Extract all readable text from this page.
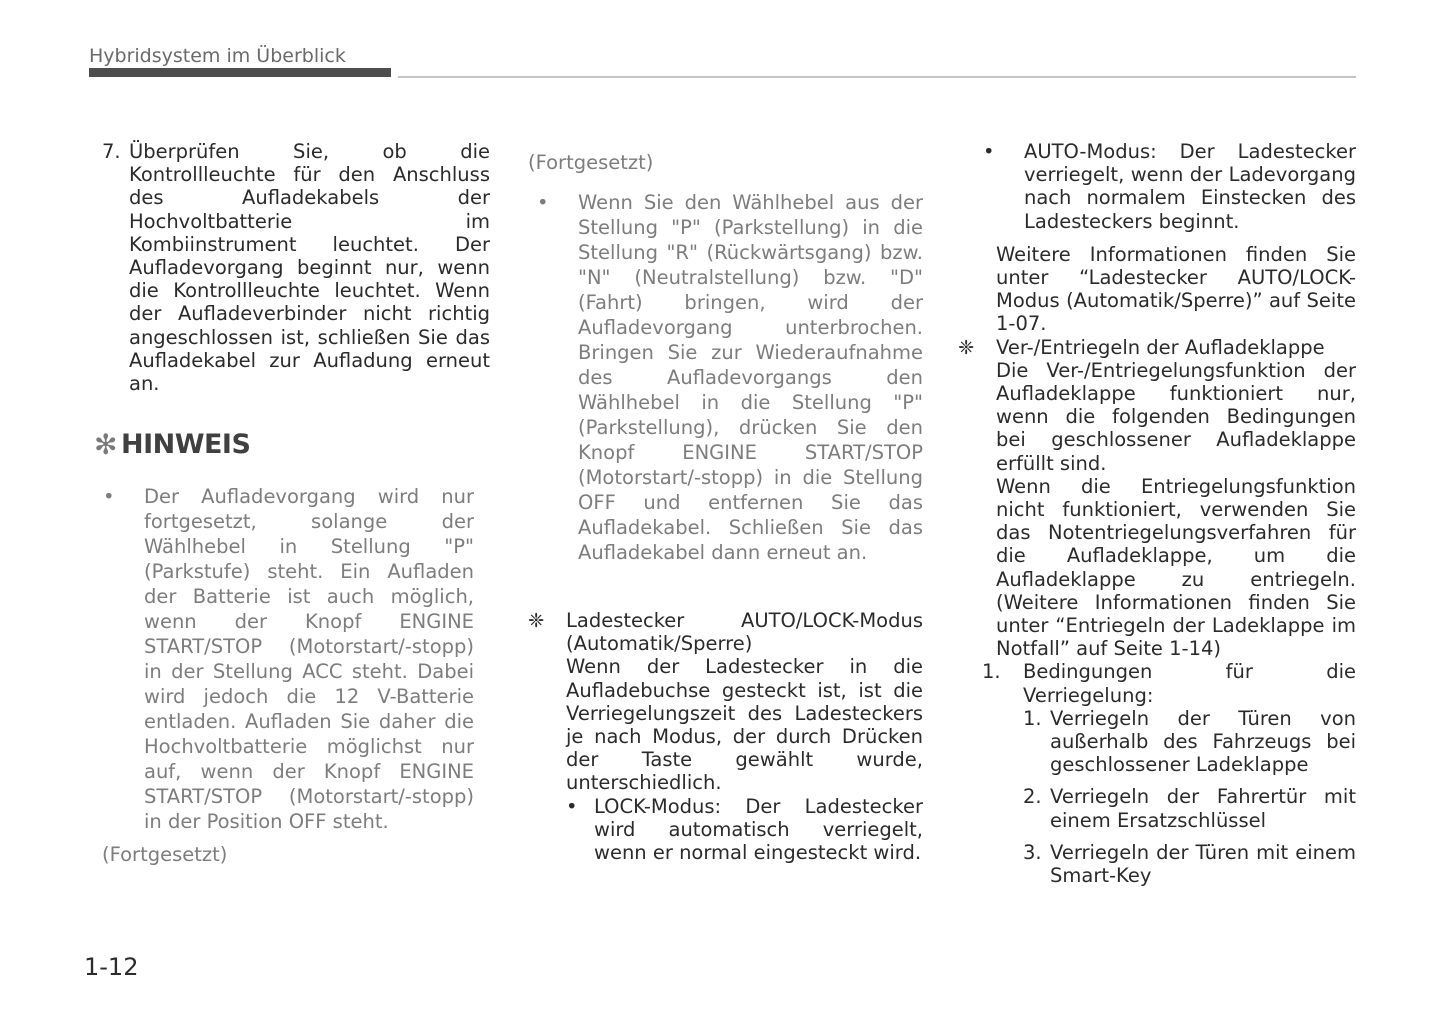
Hybridsystem im Überblick
7. Überprüfen Sie, ob die Kontrollleuchte für den Anschluss des Aufladekabels der Hochvoltbatterie im Kombiinstrument leuchtet. Der Aufladevorgang beginnt nur, wenn die Kontrollleuchte leuchtet. Wenn der Aufladeverbinder nicht richtig angeschlossen ist, schließen Sie das Aufladekabel zur Aufladung erneut an.
✻ HINWEIS
•	Der Aufladevorgang wird nur fortgesetzt, solange der Wählhebel in Stellung "P" (Parkstufe) steht. Ein Aufladen der Batterie ist auch möglich, wenn der Knopf ENGINE START/STOP (Motorstart/-stopp) in der Stellung ACC steht. Dabei wird jedoch die 12 V-Batterie entladen. Aufladen Sie daher die Hochvoltbatterie möglichst nur auf, wenn der Knopf ENGINE START/STOP (Motorstart/-stopp) in der Position OFF steht.
(Fortgesetzt)
(Fortgesetzt)
•	Wenn Sie den Wählhebel aus der Stellung "P" (Parkstellung) in die Stellung "R" (Rückwärtsgang) bzw. "N" (Neutralstellung) bzw. "D" (Fahrt) bringen, wird der Aufladevorgang unterbrochen. Bringen Sie zur Wiederaufnahme des Aufladevorgangs den Wählhebel in die Stellung "P" (Parkstellung), drücken Sie den Knopf ENGINE START/STOP (Motorstart/-stopp) in die Stellung OFF und entfernen Sie das Aufladekabel. Schließen Sie das Aufladekabel dann erneut an.
❈	Ladestecker AUTO/LOCK-Modus (Automatik/Sperre)
Wenn der Ladestecker in die Aufladebuchse gesteckt ist, ist die Verriegelungszeit des Ladesteckers je nach Modus, der durch Drücken der Taste gewählt wurde, unterschiedlich.
• LOCK-Modus: Der Ladestecker wird automatisch verriegelt, wenn er normal eingesteckt wird.
•	AUTO-Modus: Der Ladestecker verriegelt, wenn der Ladevorgang nach normalem Einstecken des Ladesteckers beginnt.
Weitere Informationen finden Sie unter “Ladestecker AUTO/LOCK-Modus (Automatik/Sperre)” auf Seite 1-07.
❈	Ver-/Entriegeln der Aufladeklappe
Die Ver-/Entriegelungsfunktion der Aufladeklappe funktioniert nur, wenn die folgenden Bedingungen bei geschlossener Aufladeklappe erfüllt sind.
Wenn die Entriegelungsfunktion nicht funktioniert, verwenden Sie das Notentriegelungsverfahren für die Aufladeklappe, um die Aufladeklappe zu entriegeln. (Weitere Informationen finden Sie unter “Entriegeln der Ladeklappe im Notfall” auf Seite 1-14)
1.	Bedingungen für die Verriegelung:
1. Verriegeln der Türen von außerhalb des Fahrzeugs bei geschlossener Ladeklappe
2. Verriegeln der Fahrertür mit einem Ersatzschlüssel
3. Verriegeln der Türen mit einem Smart-Key
1-12
